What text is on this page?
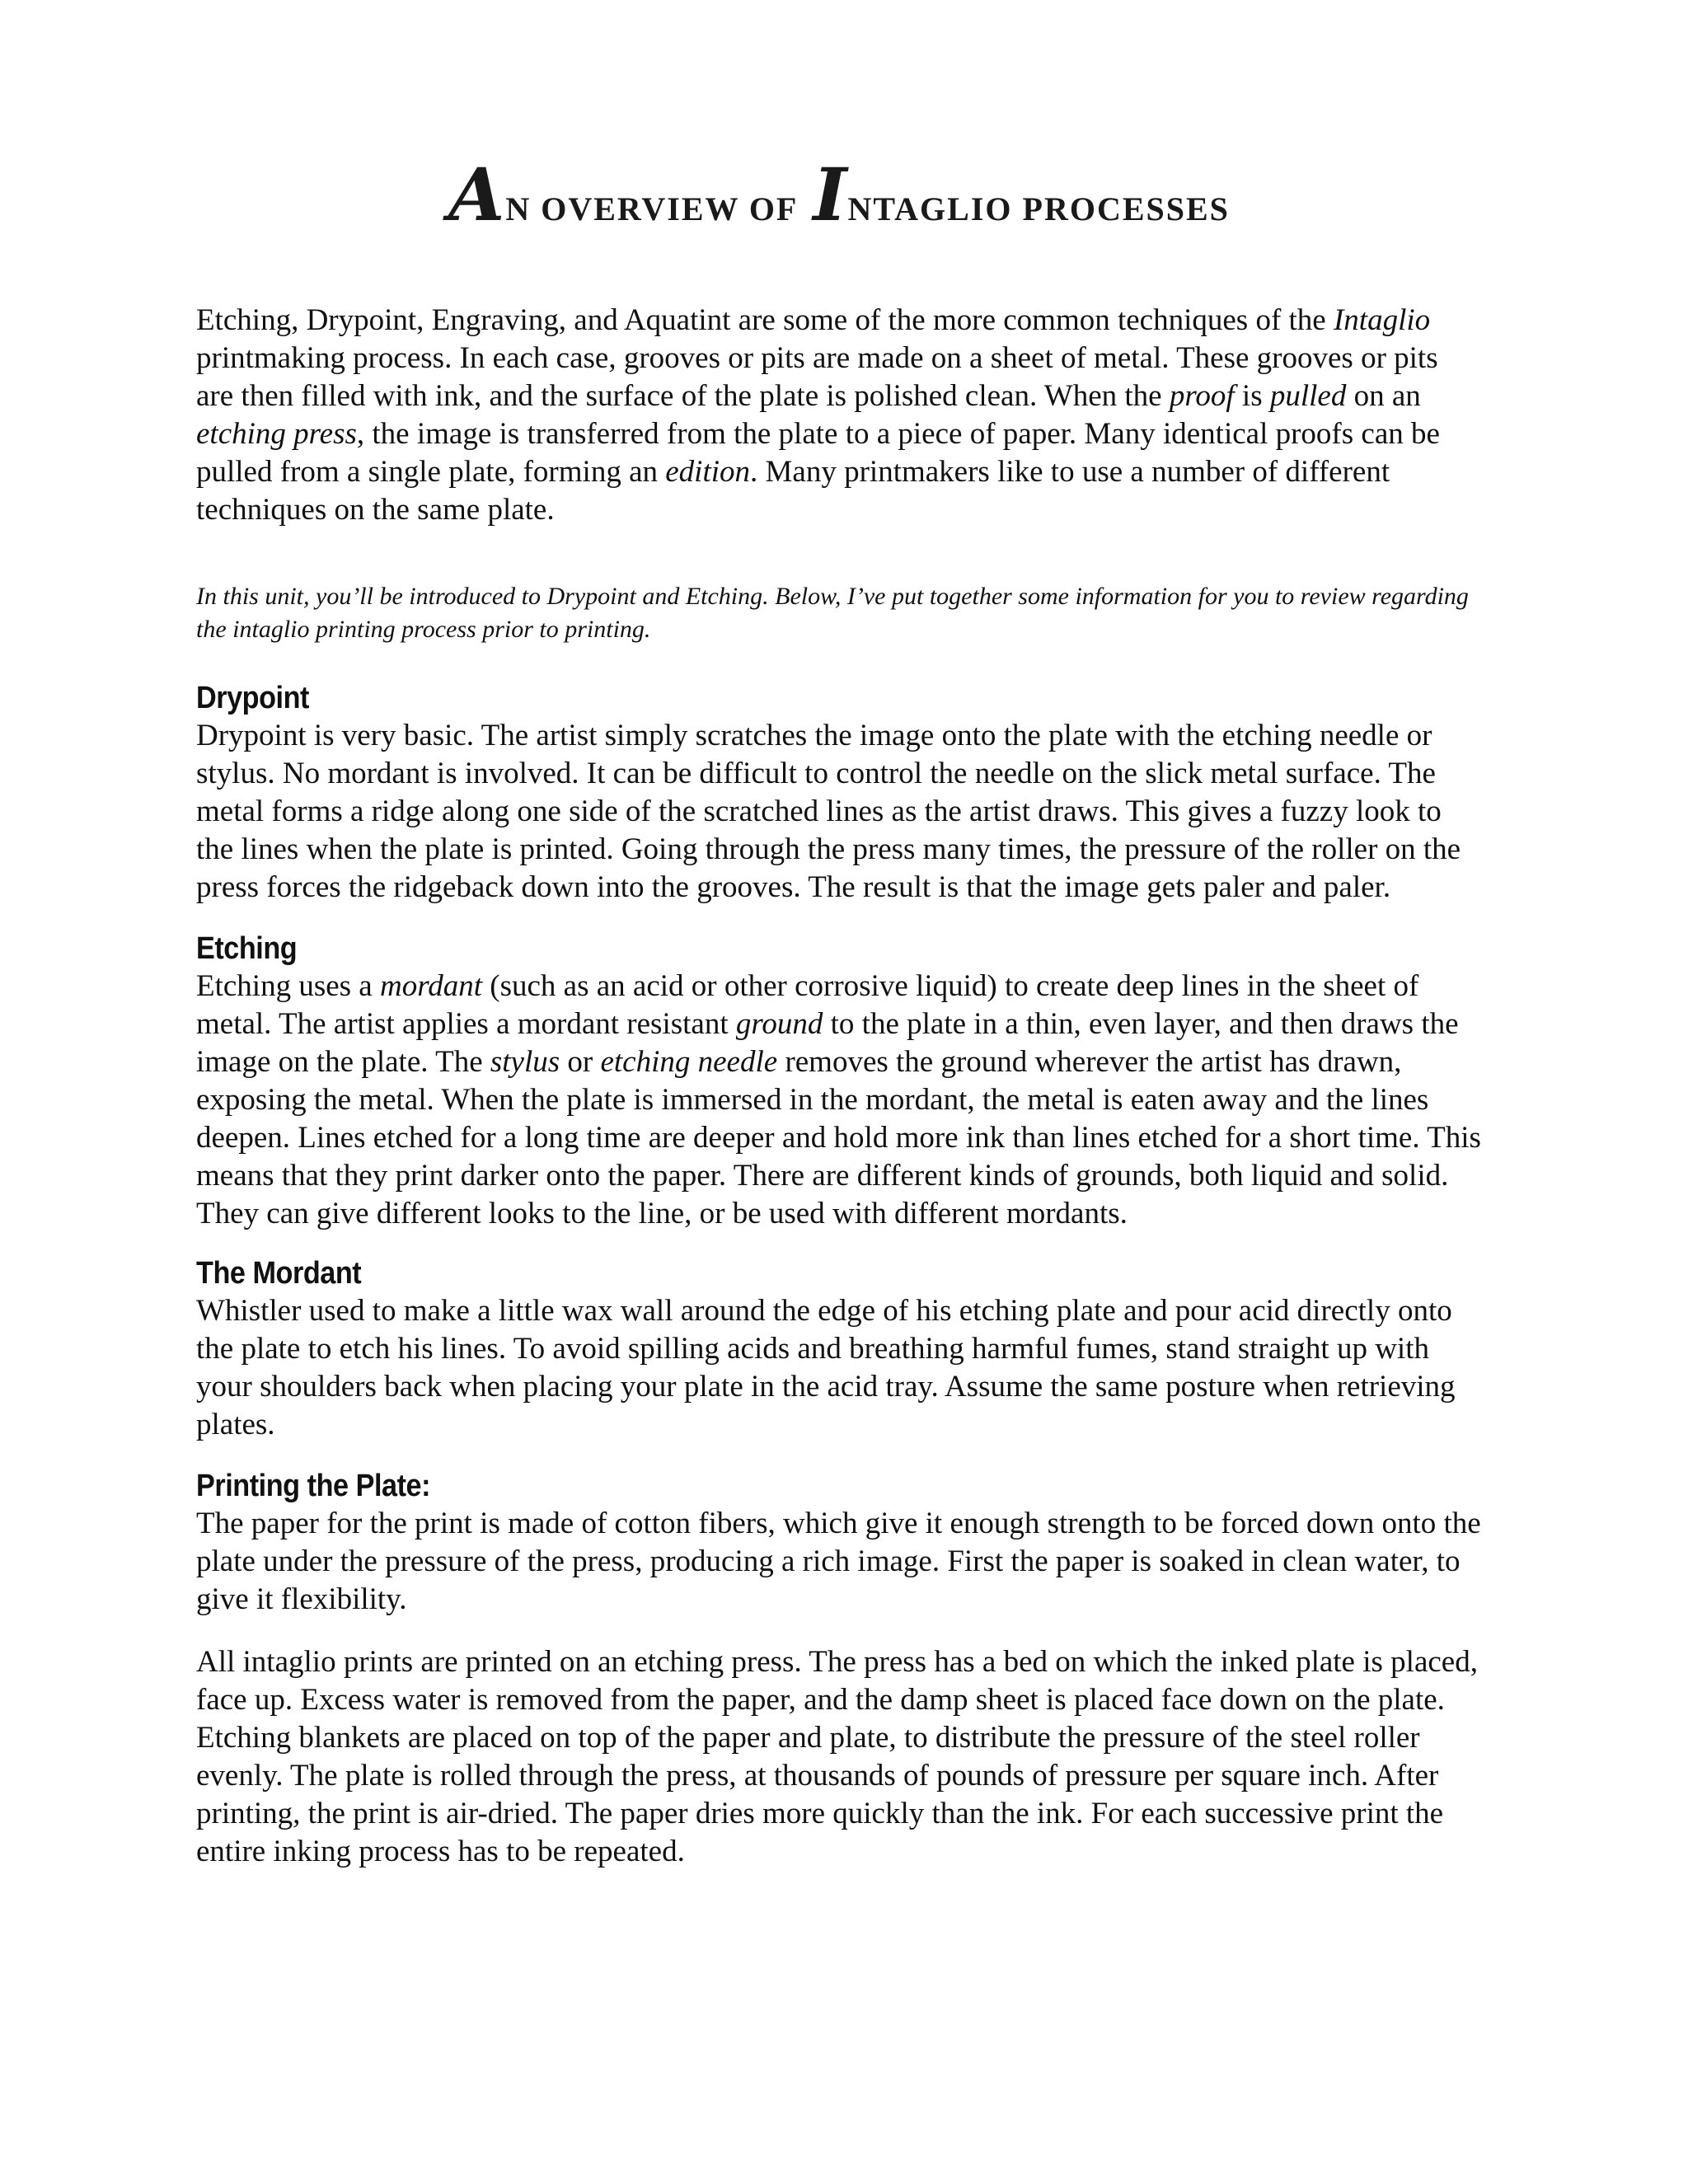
AN OVERVIEW OF INTAGLIO PROCESSES

Etching, Drypoint, Engraving, and Aquatint are some of the more common techniques of the Intaglio printmaking process. In each case, grooves or pits are made on a sheet of metal. These grooves or pits are then filled with ink, and the surface of the plate is polished clean. When the proof is pulled on an etching press, the image is transferred from the plate to a piece of paper. Many identical proofs can be pulled from a single plate, forming an edition. Many printmakers like to use a number of different techniques on the same plate.

In this unit, you’ll be introduced to Drypoint and Etching. Below, I’ve put together some information for you to review regarding the intaglio printing process prior to printing.

Drypoint

Drypoint is very basic. The artist simply scratches the image onto the plate with the etching needle or stylus. No mordant is involved. It can be difficult to control the needle on the slick metal surface. The metal forms a ridge along one side of the scratched lines as the artist draws. This gives a fuzzy look to the lines when the plate is printed. Going through the press many times, the pressure of the roller on the press forces the ridgeback down into the grooves. The result is that the image gets paler and paler.

Etching

Etching uses a mordant (such as an acid or other corrosive liquid) to create deep lines in the sheet of metal. The artist applies a mordant resistant ground to the plate in a thin, even layer, and then draws the image on the plate. The stylus or etching needle removes the ground wherever the artist has drawn, exposing the metal. When the plate is immersed in the mordant, the metal is eaten away and the lines deepen. Lines etched for a long time are deeper and hold more ink than lines etched for a short time. This means that they print darker onto the paper. There are different kinds of grounds, both liquid and solid. They can give different looks to the line, or be used with different mordants.

The Mordant

Whistler used to make a little wax wall around the edge of his etching plate and pour acid directly onto the plate to etch his lines. To avoid spilling acids and breathing harmful fumes, stand straight up with your shoulders back when placing your plate in the acid tray. Assume the same posture when retrieving plates.

Printing the Plate:

The paper for the print is made of cotton fibers, which give it enough strength to be forced down onto the plate under the pressure of the press, producing a rich image. First the paper is soaked in clean water, to give it flexibility.

All intaglio prints are printed on an etching press. The press has a bed on which the inked plate is placed, face up. Excess water is removed from the paper, and the damp sheet is placed face down on the plate. Etching blankets are placed on top of the paper and plate, to distribute the pressure of the steel roller evenly. The plate is rolled through the press, at thousands of pounds of pressure per square inch. After printing, the print is air-dried. The paper dries more quickly than the ink. For each successive print the entire inking process has to be repeated.
